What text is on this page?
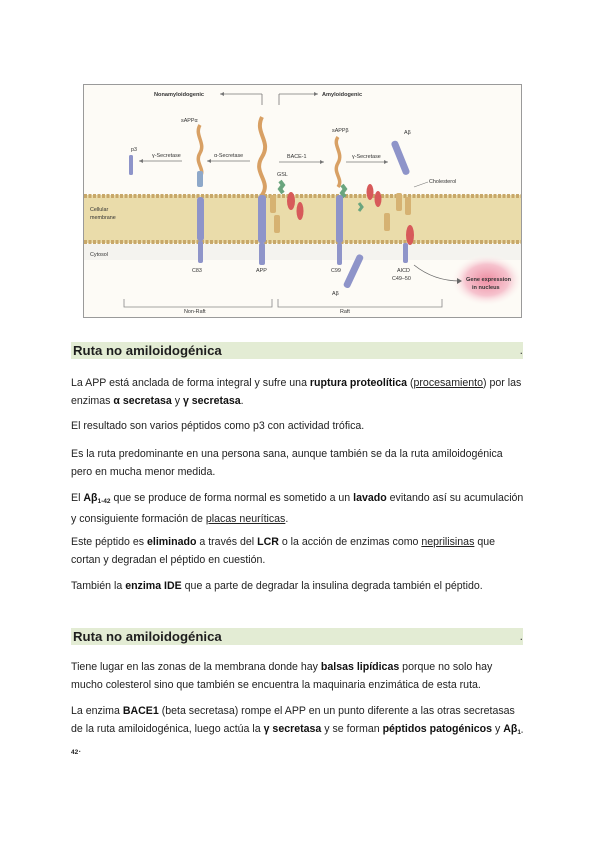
Nonamyloidogenic	Amyloidogenic
sAPPα
p3
γ-Secretase	α-Secretase
C83	APP
sAPPβ
BACE-1	γ-Secretase
GSL
C99
Aβ
Cholesterol
Cellular
membrane
Cytosol
AICD
C49–50
Aβ
Gene expression
in nucleus
Non-Raft	Raft
Ruta no amiloidogénica	.
La APP está anclada de forma integral y sufre una ruptura proteolítica (procesamiento) por las enzimas α secretasa y γ secretasa.
El resultado son varios péptidos como p3 con actividad trófica.
Es la ruta predominante en una persona sana, aunque también se da la ruta amiloidogénica pero en mucha menor medida.
El $A\beta_{1-42}$ que se produce de forma normal es sometido a un lavado evitando así su acumulación y consiguiente formación de placas neuríticas.
Este péptido es eliminado a través del LCR o la acción de enzimas como neprilisinas que cortan y degradan el péptido en cuestión.
También la enzima IDE que a parte de degradar la insulina degrada también el péptido.
Ruta no amiloidogénica	.
Tiene lugar en las zonas de la membrana donde hay balsas lipídicas porque no solo hay mucho colesterol sino que también se encuentra la maquinaria enzimática de esta ruta.
La enzima BACE1 (beta secretasa) rompe el APP en un punto diferente a las otras secretasas de la ruta amiloidogénica, luego actúa la γ secretasa y se forman péptidos patogénicos y $A\beta_{1-42}$.
